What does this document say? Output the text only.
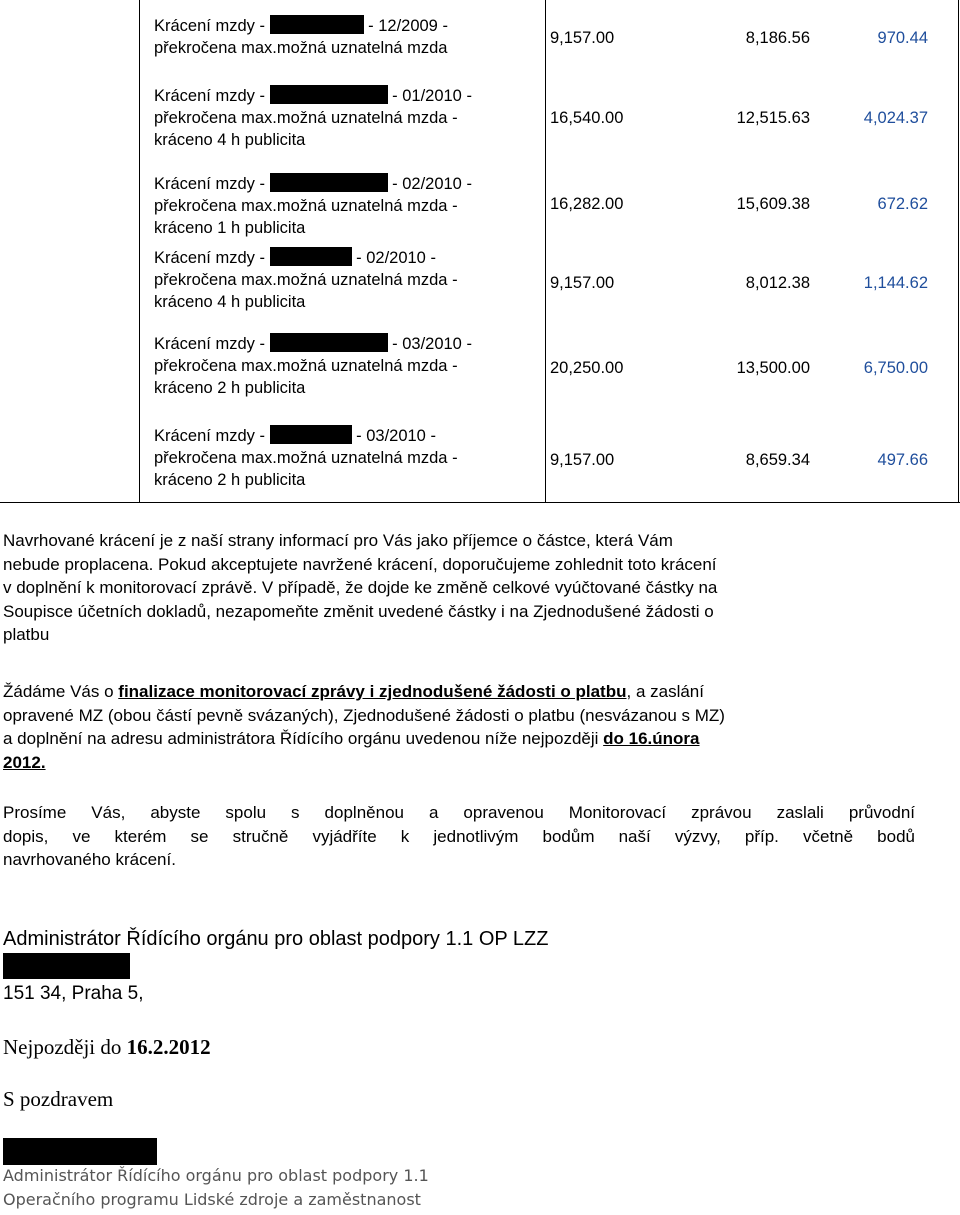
Krácení mzdy -	- 12/2009 -
překročena max.možná uznatelná mzda
9,157.00	8,186.56	970.44
Krácení mzdy -	- 01/2010 -
překročena max.možná uznatelná mzda -
kráceno 4 h publicita
16,540.00	12,515.63	4,024.37
Krácení mzdy -	- 02/2010 -
překročena max.možná uznatelná mzda -
kráceno 1 h publicita
16,282.00	15,609.38	672.62
Krácení mzdy -	- 02/2010 -
překročena max.možná uznatelná mzda -
kráceno 4 h publicita
9,157.00	8,012.38	1,144.62
Krácení mzdy -	- 03/2010 -
překročena max.možná uznatelná mzda -
kráceno 2 h publicita
20,250.00	13,500.00	6,750.00
Krácení mzdy -	- 03/2010 -
překročena max.možná uznatelná mzda -
kráceno 2 h publicita
9,157.00	8,659.34	497.66
Navrhované krácení je z naší strany informací pro Vás jako příjemce o částce, která Vám
nebude proplacena. Pokud akceptujete navržené krácení, doporučujeme zohlednit toto krácení
v doplnění k monitorovací zprávě. V případě, že dojde ke změně celkové vyúčtované částky na
Soupisce účetních dokladů, nezapomeňte změnit uvedené částky i na Zjednodušené žádosti o
platbu
Žádáme Vás o finalizace monitorovací zprávy i zjednodušené žádosti o platbu, a zaslání
opravené MZ (obou částí pevně svázaných), Zjednodušené žádosti o platbu (nesvázanou s MZ)
a doplnění na adresu administrátora Řídícího orgánu uvedenou níže nejpozději do 16.února
2012.
Prosíme Vás, abyste spolu s doplněnou a opravenou Monitorovací zprávou zaslali průvodní
dopis, ve kterém se stručně vyjádříte k jednotlivým bodům naší výzvy, příp. včetně bodů
navrhovaného krácení.
Administrátor Řídícího orgánu pro oblast podpory 1.1 OP LZZ
151 34, Praha 5,
Nejpozději do 16.2.2012
S pozdravem
Administrátor Řídícího orgánu pro oblast podpory 1.1
Operačního programu Lidské zdroje a zaměstnanost
